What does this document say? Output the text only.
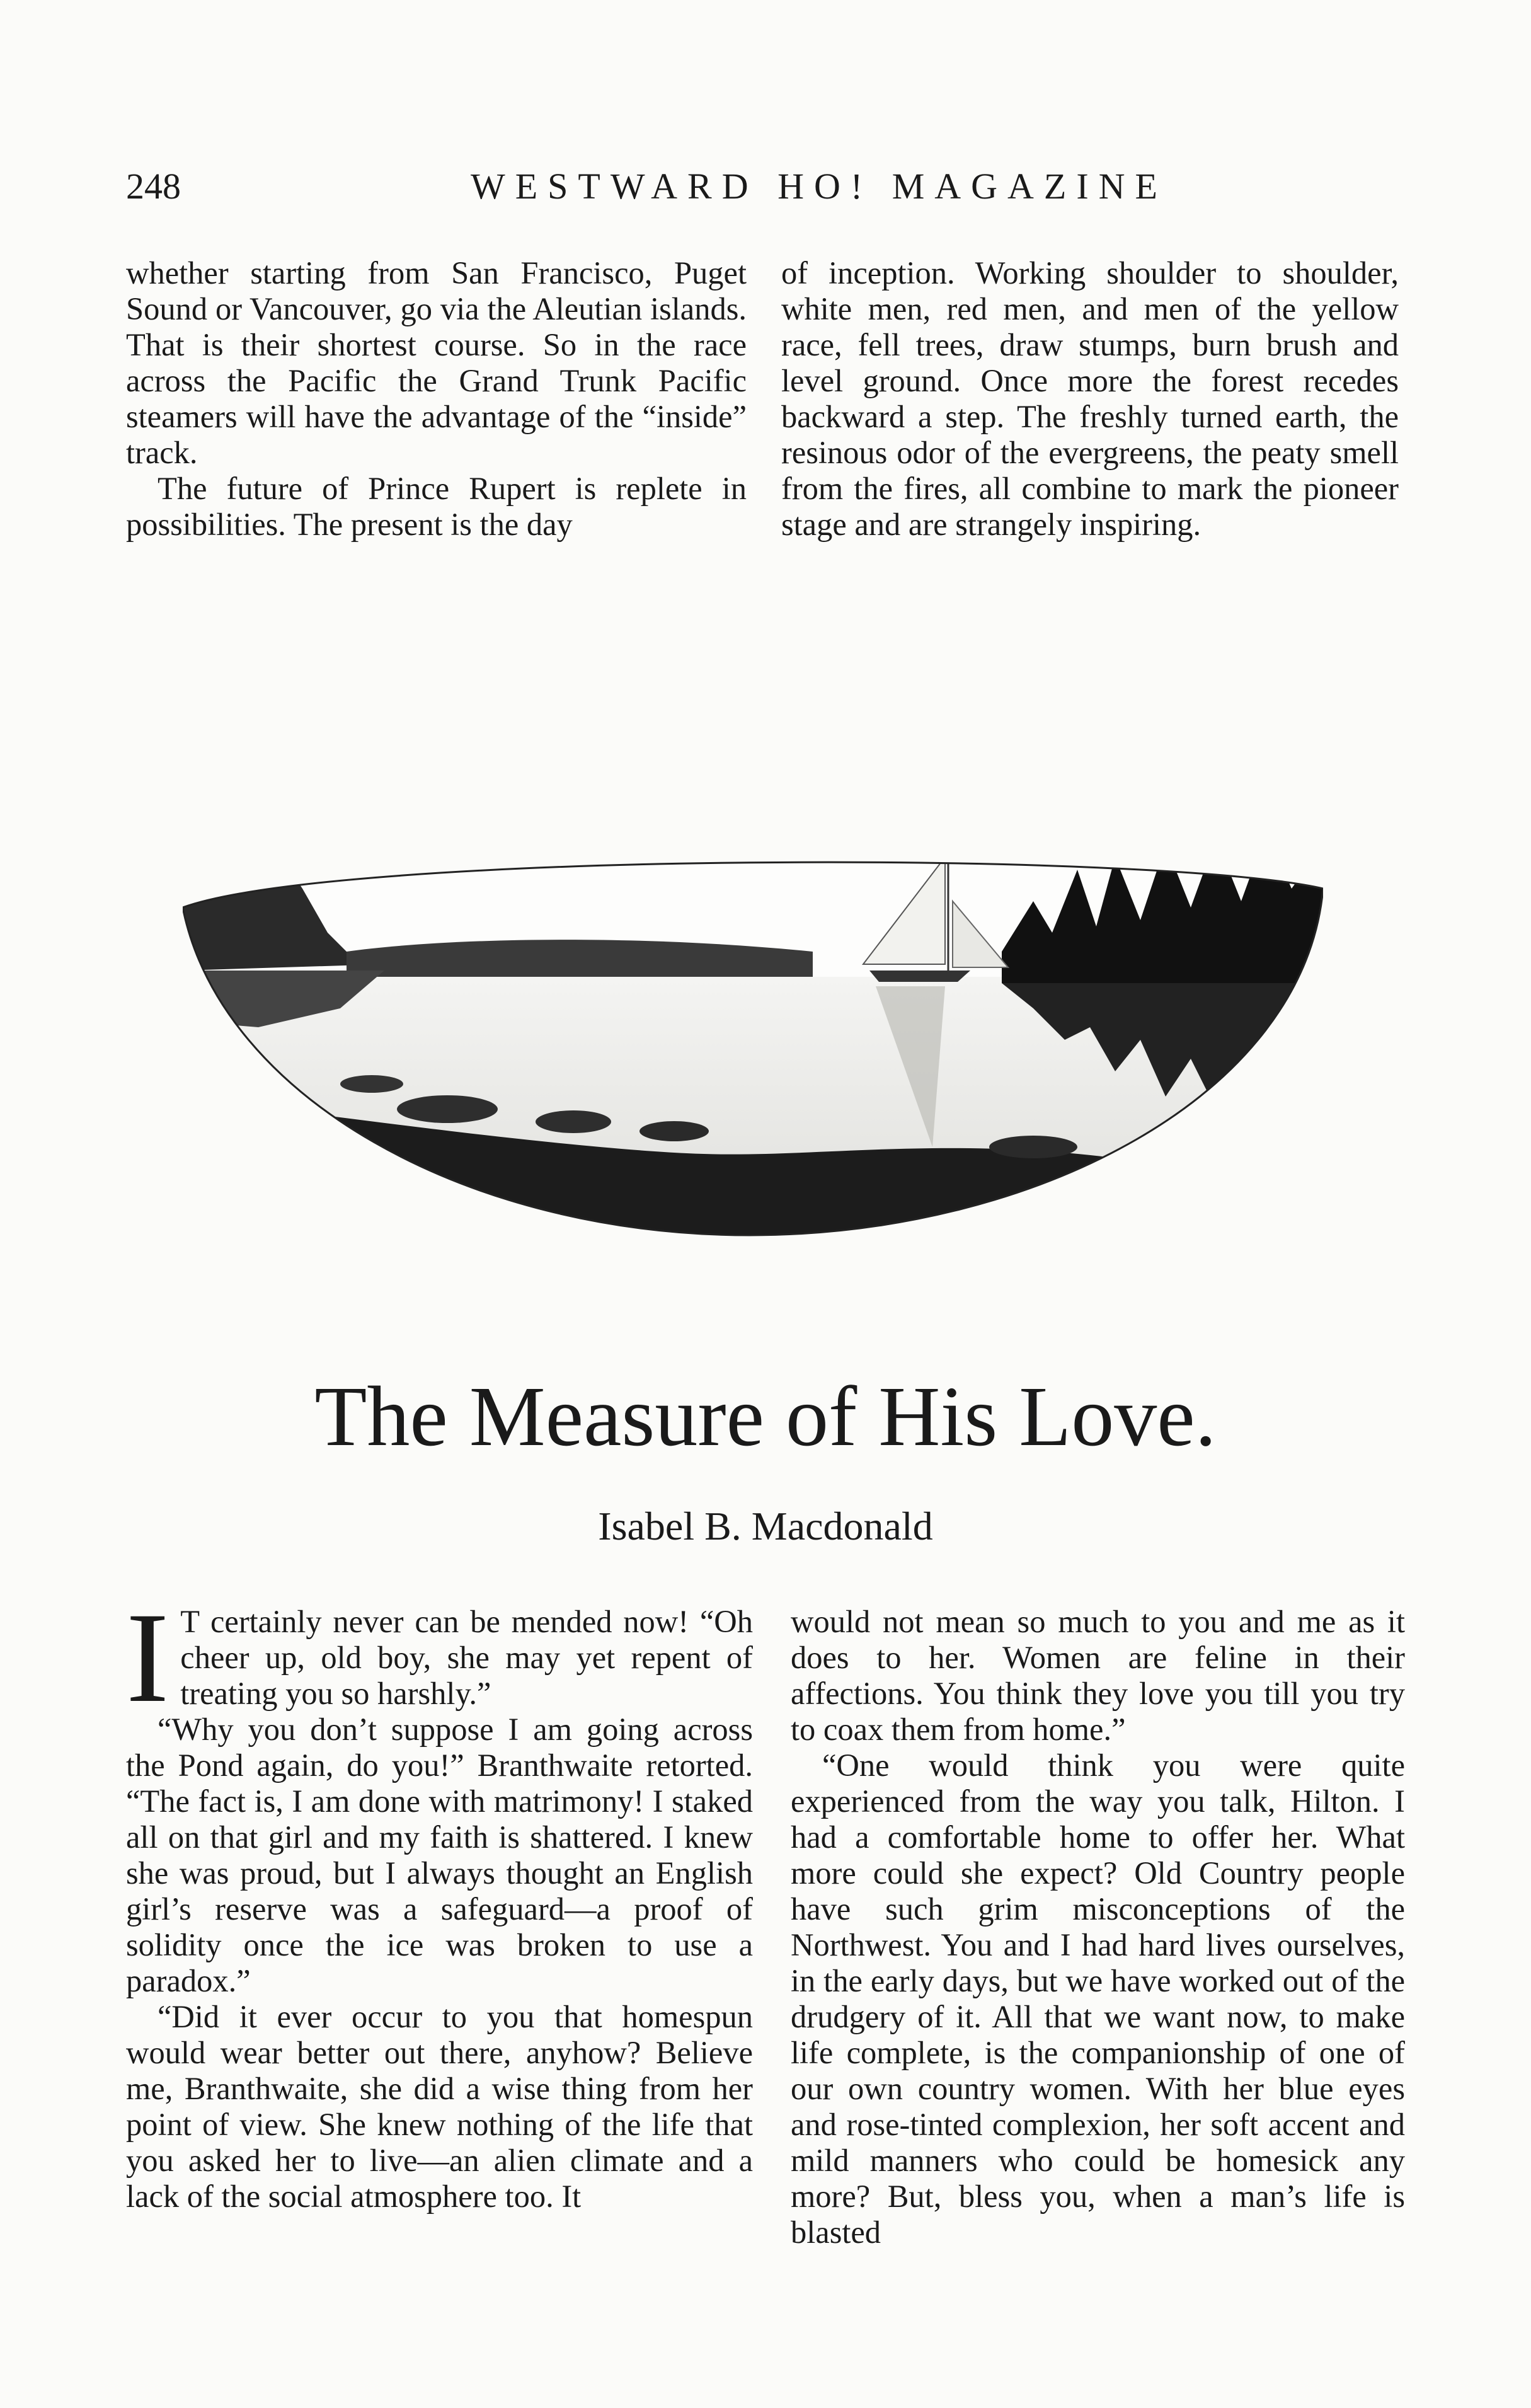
248	WESTWARD HO! MAGAZINE

whether starting from San Francisco, Puget Sound or Vancouver, go via the Aleutian islands. That is their shortest course. So in the race across the Pacific the Grand Trunk Pacific steamers will have the advantage of the “inside” track.

The future of Prince Rupert is replete in possibilities. The present is the day

of inception. Working shoulder to shoulder, white men, red men, and men of the yellow race, fell trees, draw stumps, burn brush and level ground. Once more the forest recedes backward a step. The freshly turned earth, the resinous odor of the evergreens, the peaty smell from the fires, all combine to mark the pioneer stage and are strangely inspiring.

The Measure of His Love.
Isabel B. Macdonald

I T certainly never can be mended now! “Oh cheer up, old boy, she may yet repent of treating you so harshly.”

“Why you don’t suppose I am going across the Pond again, do you!” Branthwaite retorted. “The fact is, I am done with matrimony! I staked all on that girl and my faith is shattered. I knew she was proud, but I always thought an English girl’s reserve was a safeguard—a proof of solidity once the ice was broken to use a paradox.”

“Did it ever occur to you that homespun would wear better out there, anyhow? Believe me, Branthwaite, she did a wise thing from her point of view. She knew nothing of the life that you asked her to live—an alien climate and a lack of the social atmosphere too. It

would not mean so much to you and me as it does to her. Women are feline in their affections. You think they love you till you try to coax them from home.”

“One would think you were quite experienced from the way you talk, Hilton. I had a comfortable home to offer her. What more could she expect? Old Country people have such grim misconceptions of the Northwest. You and I had hard lives ourselves, in the early days, but we have worked out of the drudgery of it. All that we want now, to make life complete, is the companionship of one of our own country women. With her blue eyes and rose-tinted complexion, her soft accent and mild manners who could be homesick any more? But, bless you, when a man’s life is blasted
